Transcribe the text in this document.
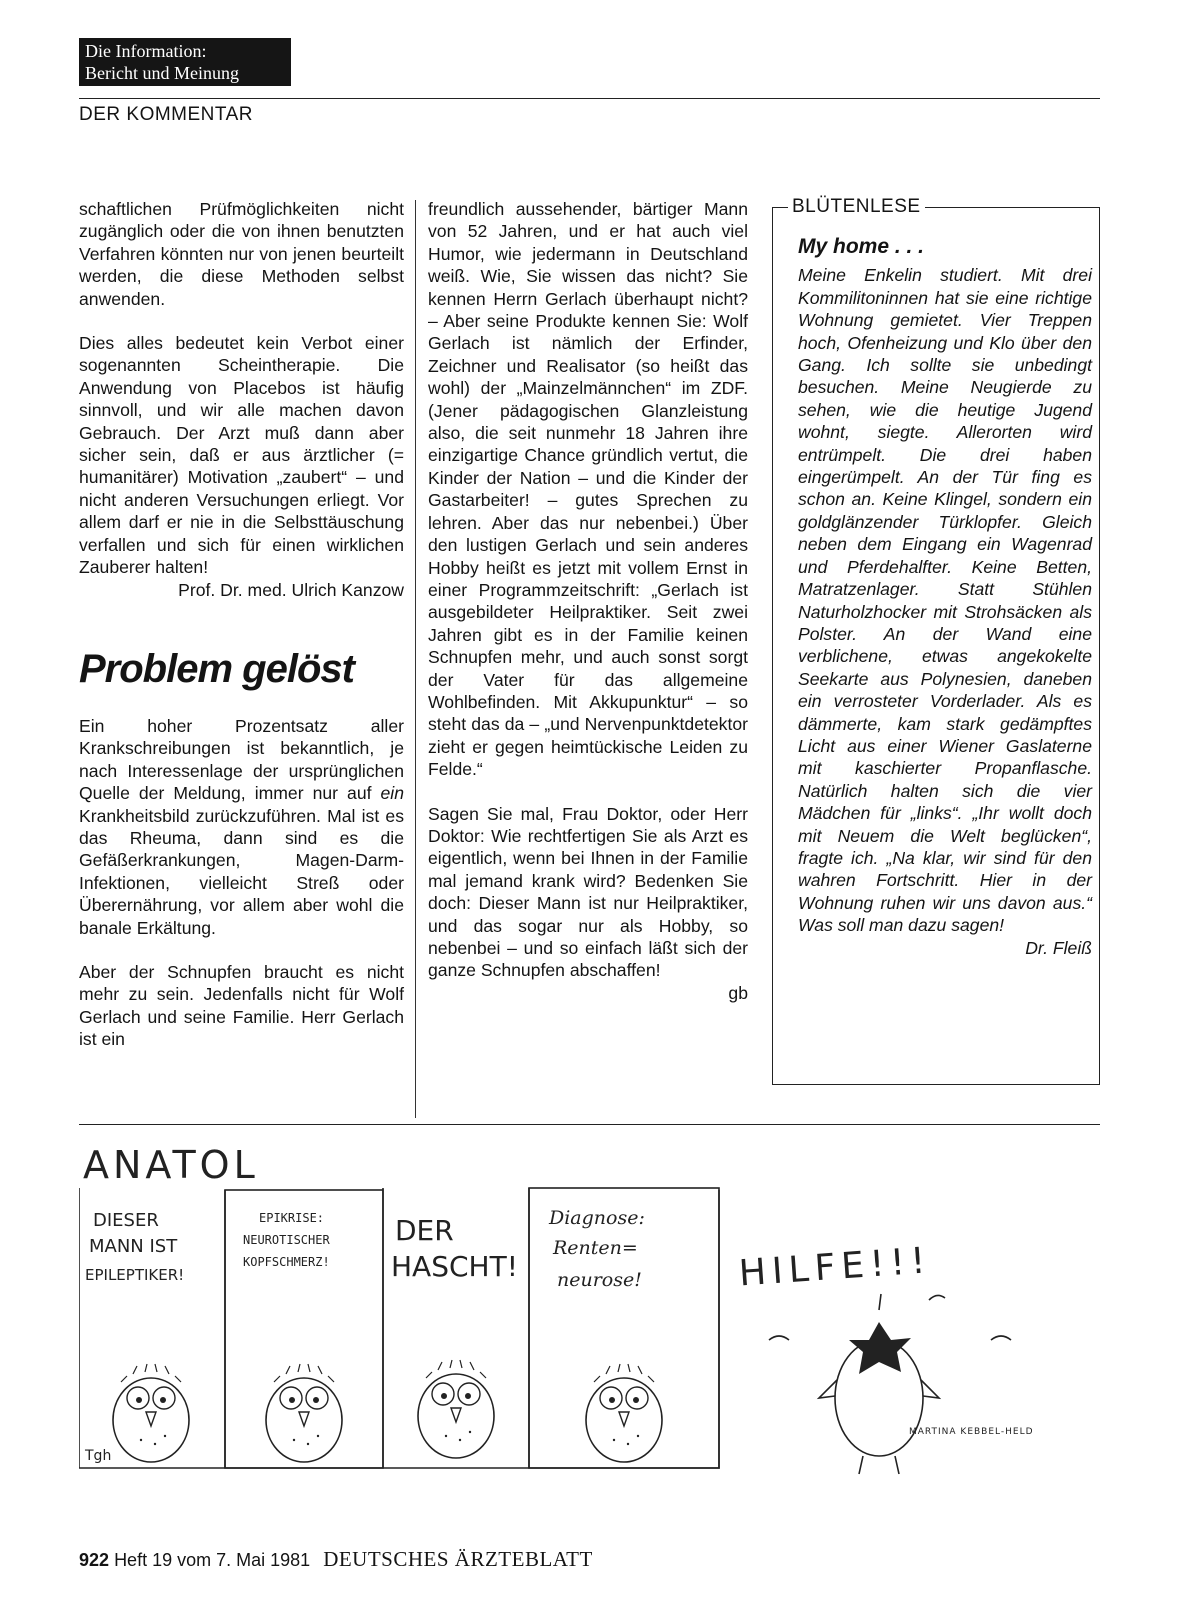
Die Information:
Bericht und Meinung
DER KOMMENTAR

schaftlichen Prüfmöglichkeiten nicht zugänglich oder die von ihnen benutzten Verfahren könnten nur von jenen beurteilt werden, die diese Methoden selbst anwenden.

Dies alles bedeutet kein Verbot einer sogenannten Scheintherapie. Die Anwendung von Placebos ist häufig sinnvoll, und wir alle machen davon Gebrauch. Der Arzt muß dann aber sicher sein, daß er aus ärztlicher (= humanitärer) Motivation „zaubert“ – und nicht anderen Versuchungen erliegt. Vor allem darf er nie in die Selbsttäuschung verfallen und sich für einen wirklichen Zauberer halten!

Prof. Dr. med. Ulrich Kanzow

Problem gelöst

Ein hoher Prozentsatz aller Krankschreibungen ist bekanntlich, je nach Interessenlage der ursprünglichen Quelle der Meldung, immer nur auf ein Krankheitsbild zurückzuführen. Mal ist es das Rheuma, dann sind es die Gefäßerkrankungen, Magen-Darm-Infektionen, vielleicht Streß oder Überernährung, vor allem aber wohl die banale Erkältung.

Aber der Schnupfen braucht es nicht mehr zu sein. Jedenfalls nicht für Wolf Gerlach und seine Familie. Herr Gerlach ist ein

freundlich aussehender, bärtiger Mann von 52 Jahren, und er hat auch viel Humor, wie jedermann in Deutschland weiß. Wie, Sie wissen das nicht? Sie kennen Herrn Gerlach überhaupt nicht? – Aber seine Produkte kennen Sie: Wolf Gerlach ist nämlich der Erfinder, Zeichner und Realisator (so heißt das wohl) der „Mainzelmännchen“ im ZDF. (Jener pädagogischen Glanzleistung also, die seit nunmehr 18 Jahren ihre einzigartige Chance gründlich vertut, die Kinder der Nation – und die Kinder der Gastarbeiter! – gutes Sprechen zu lehren. Aber das nur nebenbei.) Über den lustigen Gerlach und sein anderes Hobby heißt es jetzt mit vollem Ernst in einer Programmzeitschrift: „Gerlach ist ausgebildeter Heilpraktiker. Seit zwei Jahren gibt es in der Familie keinen Schnupfen mehr, und auch sonst sorgt der Vater für das allgemeine Wohlbefinden. Mit Akkupunktur“ – so steht das da – „und Nervenpunktdetektor zieht er gegen heimtückische Leiden zu Felde.“

Sagen Sie mal, Frau Doktor, oder Herr Doktor: Wie rechtfertigen Sie als Arzt es eigentlich, wenn bei Ihnen in der Familie mal jemand krank wird? Bedenken Sie doch: Dieser Mann ist nur Heilpraktiker, und das sogar nur als Hobby, so nebenbei – und so einfach läßt sich der ganze Schnupfen abschaffen!

gb

BLÜTENLESE
My home . . .

Meine Enkelin studiert. Mit drei Kommilitoninnen hat sie eine richtige Wohnung gemietet. Vier Treppen hoch, Ofenheizung und Klo über den Gang. Ich sollte sie unbedingt besuchen. Meine Neugierde zu sehen, wie die heutige Jugend wohnt, siegte. Allerorten wird entrümpelt. Die drei haben eingerümpelt. An der Tür fing es schon an. Keine Klingel, sondern ein goldglänzender Türklopfer. Gleich neben dem Eingang ein Wagenrad und Pferdehalfter. Keine Betten, Matratzenlager. Statt Stühlen Naturholzhocker mit Strohsäcken als Polster. An der Wand eine verblichene, etwas angekokelte Seekarte aus Polynesien, daneben ein verrosteter Vorderlader. Als es dämmerte, kam stark gedämpftes Licht aus einer Wiener Gaslaterne mit kaschierter Propanflasche. Natürlich halten sich die vier Mädchen für „links“. „Ihr wollt doch mit Neuem die Welt beglücken“, fragte ich. „Na klar, wir sind für den wahren Fortschritt. Hier in der Wohnung ruhen wir uns davon aus.“ Was soll man dazu sagen!

Dr. Fleiß

ANATOL
DIESER
MANN IST
EPILEPTIKER!
EPIKRISE:
NEUROTISCHER
KOPFSCHMERZ!
DER
HASCHT!
Diagnose:
Renten=
neurose!	HILFE!!!
Tgh
MARTINA KEBBEL-HELD
922 Heft 19 vom 7. Mai 1981 DEUTSCHES ÄRZTEBLATT
